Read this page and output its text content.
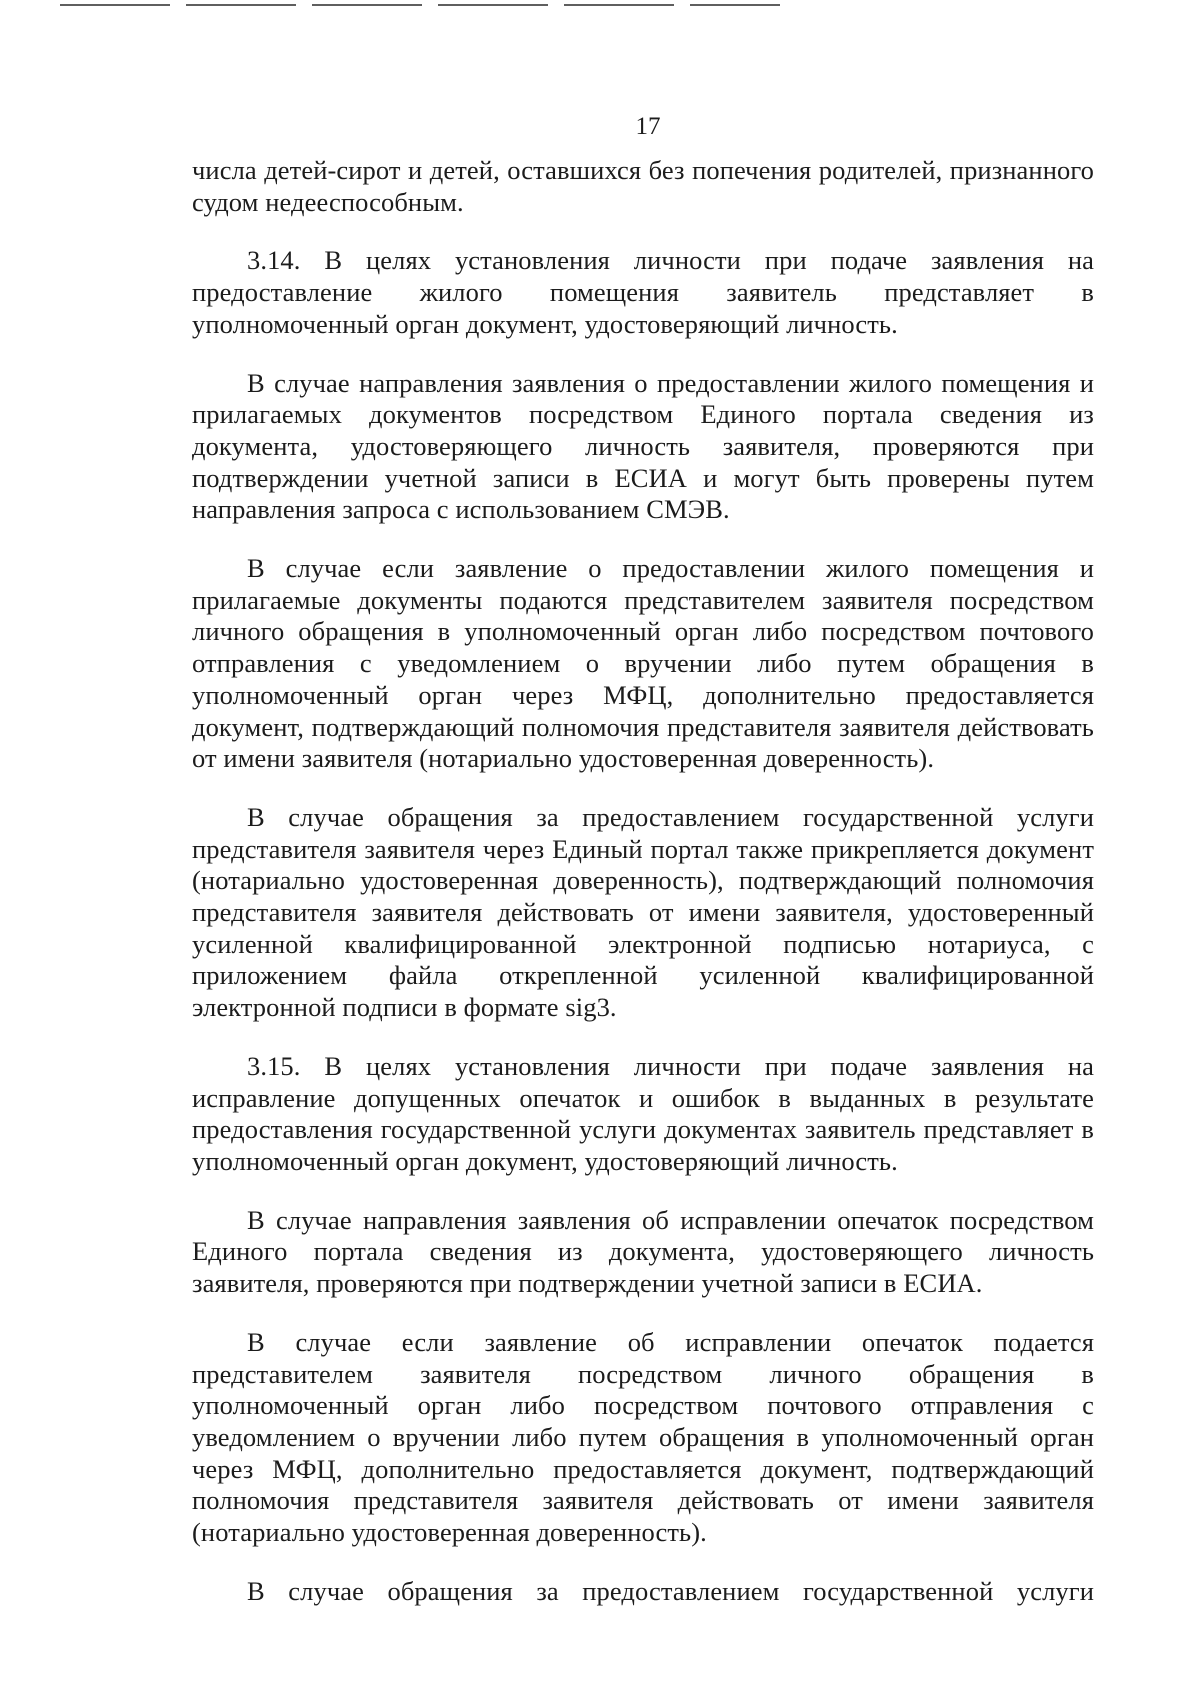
17

числа детей-сирот и детей, оставшихся без попечения родителей, признанного судом недееспособным.

3.14. В целях установления личности при подаче заявления на предоставление жилого помещения заявитель представляет в уполномоченный орган документ, удостоверяющий личность.

В случае направления заявления о предоставлении жилого помещения и прилагаемых документов посредством Единого портала сведения из документа, удостоверяющего личность заявителя, проверяются при подтверждении учетной записи в ЕСИА и могут быть проверены путем направления запроса с использованием СМЭВ.

В случае если заявление о предоставлении жилого помещения и прилагаемые документы подаются представителем заявителя посредством личного обращения в уполномоченный орган либо посредством почтового отправления с уведомлением о вручении либо путем обращения в уполномоченный орган через МФЦ, дополнительно предоставляется документ, подтверждающий полномочия представителя заявителя действовать от имени заявителя (нотариально удостоверенная доверенность).

В случае обращения за предоставлением государственной услуги представителя заявителя через Единый портал также прикрепляется документ (нотариально удостоверенная доверенность), подтверждающий полномочия представителя заявителя действовать от имени заявителя, удостоверенный усиленной квалифицированной электронной подписью нотариуса, с приложением файла открепленной усиленной квалифицированной электронной подписи в формате sig3.

3.15. В целях установления личности при подаче заявления на исправление допущенных опечаток и ошибок в выданных в результате предоставления государственной услуги документах заявитель представляет в уполномоченный орган документ, удостоверяющий личность.

В случае направления заявления об исправлении опечаток посредством Единого портала сведения из документа, удостоверяющего личность заявителя, проверяются при подтверждении учетной записи в ЕСИА.

В случае если заявление об исправлении опечаток подается представителем заявителя посредством личного обращения в уполномоченный орган либо посредством почтового отправления с уведомлением о вручении либо путем обращения в уполномоченный орган через МФЦ, дополнительно предоставляется документ, подтверждающий полномочия представителя заявителя действовать от имени заявителя (нотариально удостоверенная доверенность).

В случае обращения за предоставлением государственной услуги
